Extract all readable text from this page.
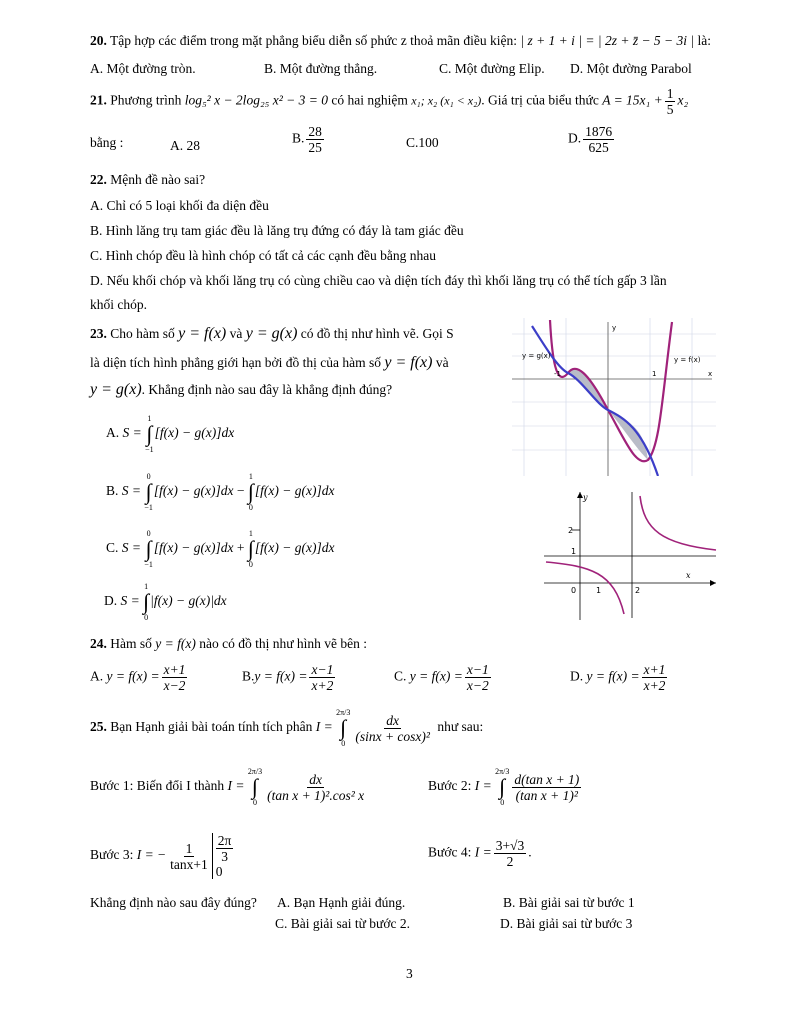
20. Tập hợp các điểm trong mặt phẳng biểu diễn số phức z thoả mãn điều kiện: | z + 1 + i | = | 2z + z̄ − 5 − 3i | là:
A. Một đường tròn.	B. Một đường thẳng.	C. Một đường Elip. D. Một đường Parabol
21. Phương trình log₅² x − 2log₂₅ x² − 3 = 0 có hai nghiệm x₁; x₂ (x₁ < x₂). Giá trị của biểu thức $A = 15x_1 + \frac{1}{5} x_2$
bằng :	A. 28	B. $\frac{28}{25}$	C.100	D. $\frac{1876}{625}$
22. Mệnh đề nào sai?
A. Chỉ có 5 loại khối đa diện đều
B. Hình lăng trụ tam giác đều là lăng trụ đứng có đáy là tam giác đều
C. Hình chóp đều là hình chóp có tất cả các cạnh đều bằng nhau
D. Nếu khối chóp và khối lăng trụ có cùng chiều cao và diện tích đáy thì khối lăng trụ có thể tích gấp 3 lần
khối chóp.
23. Cho hàm số y = f(x) và y = g(x) có đồ thị như hình vẽ. Gọi S
là diện tích hình phẳng giới hạn bởi đồ thị của hàm số y = f(x) và
y = g(x). Khẳng định nào sau đây là khẳng định đúng?
A. S =
1
∫
−1
[f(x) − g(x)]dx
B. S =
0
∫
−1
[f(x) − g(x)]dx −
1
∫
0
[f(x) − g(x)]dx
C. S =
0
∫
−1
[f(x) − g(x)]dx +
1
∫
0
[f(x) − g(x)]dx
D. S =
1
∫
0
|f(x) − g(x)|dx
y = g(x)	y = f(x)
y
x
-1	1
y
x
2
1
0 1	2
24. Hàm số y = f(x) nào có đồ thị như hình vẽ bên :
A. $y = f(x) = \frac{x+1}{x-2}$	$B.y = f(x) = \frac{x-1}{x+2}$	C. $y = f(x) = \frac{x-1}{x-2}$	D. $y = f(x) = \frac{x+1}{x+2}$
25. Bạn Hạnh giải bài toán tính tích phân I =
2π/3
∫
$0 \frac{dx}{\text{(sinx + cosx)²}}$ như sau:
Bước 1: Biến đổi I thành I =
2π/3
∫
$0 \frac{dx}{\text{(tan x + 1)².cos² x}}$	Bước 2: I =
2π/3
∫
$0 \frac{\text{d(tan x + 1)}}{\text{(tan x + 1)²}}$
Bước 3: I = − $\frac{1}{\tan x+1} \frac{2\pi}{3}$
0
Bước 4: $I = \frac{3+√3}{2}$ .
Khẳng định nào sau đây đúng? A. Bạn Hạnh giải đúng.	B. Bài giải sai từ bước 1
C. Bài giải sai từ bước 2.	D. Bài giải sai từ bước 3
3
